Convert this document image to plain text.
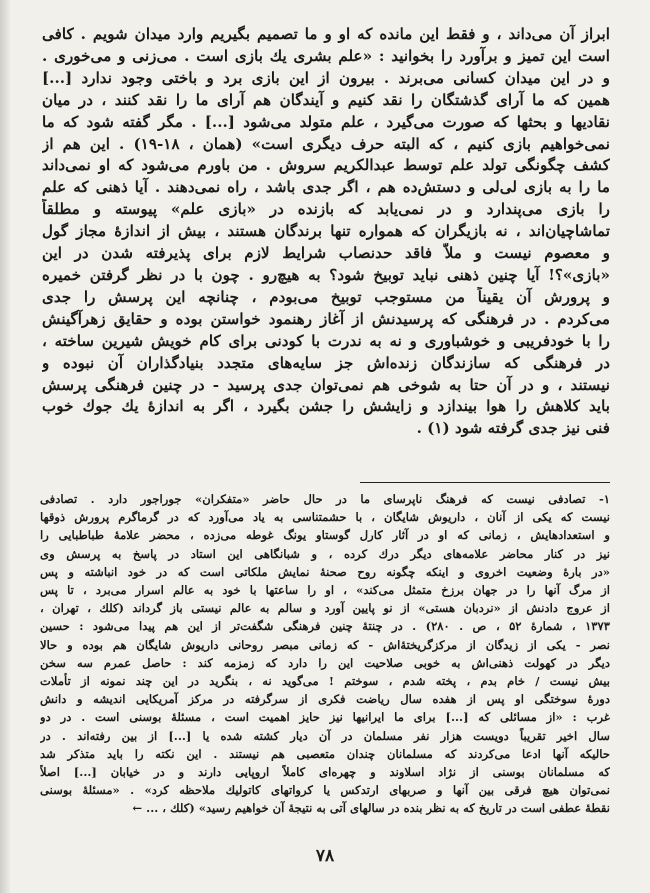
ابراز آن می‌داند ، و فقط این مانده که او و ما تصمیم بگیریم وارد میدان شویم . کافی
است این تمیز و برآورد را بخوانید : «علم بشری یك بازی است . می‌زنی و می‌خوری .
و در این میدان کسانی می‌برند . بیرون از این بازی برد و باختی وجود ندارد [...]
همین که ما آرای گذشتگان را نقد کنیم و آیندگان هم آرای ما را نقد کنند ، در میان
نقادیها و بحثها که صورت می‌گیرد ، علم متولد می‌شود [...] . مگر گفته شود که ما
نمی‌خواهیم بازی کنیم ، که البته حرف دیگری است» (همان ، ۱۸-۱۹) . این هم از
کشف چگونگی تولد علم توسط عبدالکریم سروش . من باورم می‌شود که او نمی‌داند
ما را به بازی لی‌لی و دستش‌ده هم ، اگر جدی باشد ، راه نمی‌دهند . آیا ذهنی که علم
را بازی می‌پندارد و در نمی‌یابد که بازنده در «بازی علم» پیوسته و مطلقاً
تماشاچیان‌اند ، نه بازیگران که همواره تنها برندگان هستند ، بیش از اندازهٔ مجاز گول
و معصوم نیست و ملاّ فاقد حدنصاب شرایط لازم برای پذیرفته شدن در این
«بازی»؟! آیا چنین ذهنی نباید توبیخ شود؟ به هیچ‌رو . چون با در نظر گرفتن خمیره
و پرورش آن یقیناً من مستوجب توبیخ می‌بودم ، چنانچه این پرسش را جدی
می‌کردم . در فرهنگی که پرسیدنش از آغاز رهنمود خواستن بوده و حقایق زهرآگینش
را با خودفریبی و خوشباوری و نه به ندرت با کودنی برای کام خویش شیرین ساخته ،
در فرهنگی که سازندگان زنده‌اش جز سایه‌های متجدد بنیادگذاران آن نبوده و
نیستند ، و در آن حتا به شوخی هم نمی‌توان جدی پرسید - در چنین فرهنگی پرسش
باید کلاهش را هوا بیندازد و زایشش را جشن بگیرد ، اگر به اندازهٔ یك جوك خوب
فنی نیز جدی گرفته شود (۱) .
۱- تصادفی نیست که فرهنگ ناپرسای ما در حال حاضر «متفکران» جوراجور دارد . تصادفی
نیست که یکی از آنان ، داریوش شایگان ، با حشمتناسی به یاد می‌آورد که در گرماگرم پرورش ذوقها
و استعدادهایش ، زمانی که او در آثار کارل گوستاو یونگ غوطه می‌زده ، محضر علامهٔ طباطبایی را
نیز در کنار محاضر علامه‌های دیگر درك کرده ، و شبانگاهی این استاد در پاسخ به پرسش وی
«در بارهٔ وضعیت اخروی و اینکه چگونه روح صحنهٔ نمایش ملکاتی است که در خود انباشته و پس
از مرگ آنها را در جهان برزخ متمثل می‌کند» ، او را ساعتها با خود به عالم اسرار می‌برد ، تا پس
از عروج دادنش از «نردبان هستی» از نو پایین آورد و سالم به عالم نیستی باز گرداند (کلك ، تهران ،
۱۳۷۳ ، شمارهٔ ۵۲ ، ص . ۲۸۰) . در چنتهٔ چنین فرهنگی شگفت‌تر از این هم پیدا می‌شود : حسین
نصر - یکی از زیدگان از مرکزگریختهٔ‌اش - که زمانی مبصر روحانی داریوش شایگان هم بوده و حالا
دیگر در کهولت ذهنی‌اش به خوبی صلاحیت این را دارد که زمزمه کند : حاصل عمرم سه سخن
بیش نیست / خام بدم ، پخته شدم ، سوختم ! می‌گوید نه ، بنگرید در این چند نمونه از تأملات
دورهٔ سوختگی او پس از هفده سال ریاضت فکری از سرگرفته در مرکز آمریکایی اندیشه و دانش
غرب : «از مسائلی که [...] برای ما ایرانیها نیز حایز اهمیت است ، مسئلهٔ بوسنی است . در دو
سال اخیر تقریباً دویست هزار نفر مسلمان در آن دیار کشته شده یا [...] از بین رفته‌اند . در
حالیکه آنها ادعا می‌کردند که مسلمانان چندان متعصبی هم نیستند . این نکته را باید متذکر شد
که مسلمانان بوسنی از نژاد اسلاوند و چهره‌ای کاملاً اروپایی دارند و در خیابان [...] اصلاً
نمی‌توان هیچ فرقی بین آنها و صربهای ارتدکس یا کرواتهای کاتولیك ملاحظه کرد» . «مسئلهٔ بوسنی
نقطهٔ عطفی است در تاریخ که به نظر بنده در سالهای آتی به نتیجهٔ آن خواهیم رسید» (کلك ، ... ←
۷۸
